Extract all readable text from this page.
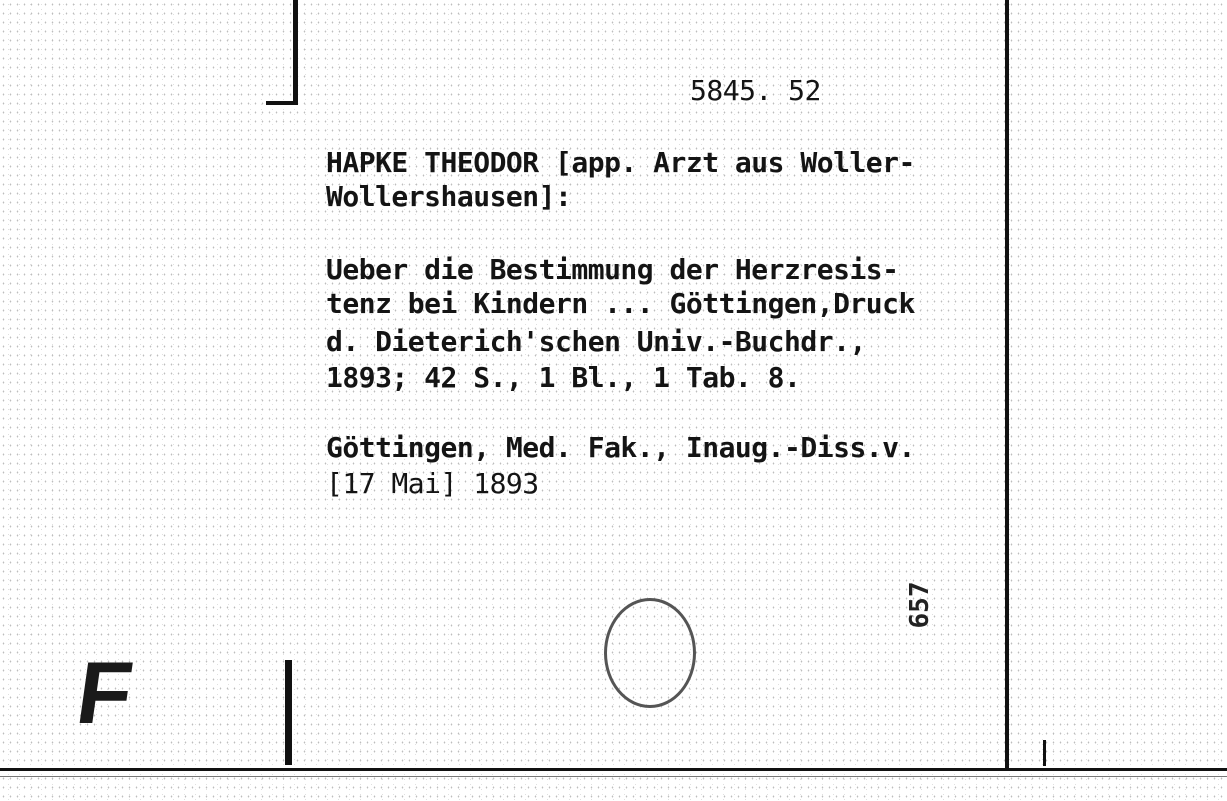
5845. 52
HAPKE THEODOR [app. Arzt aus Woller-
Wollershausen]:
Ueber die Bestimmung der Herzresis-
tenz bei Kindern ... Göttingen,Druck
d. Dieterich'schen Univ.-Buchdr.,
1893; 42 S., 1 Bl., 1 Tab. 8.
Göttingen, Med. Fak., Inaug.-Diss.v.
[17 Mai] 1893
657
F
